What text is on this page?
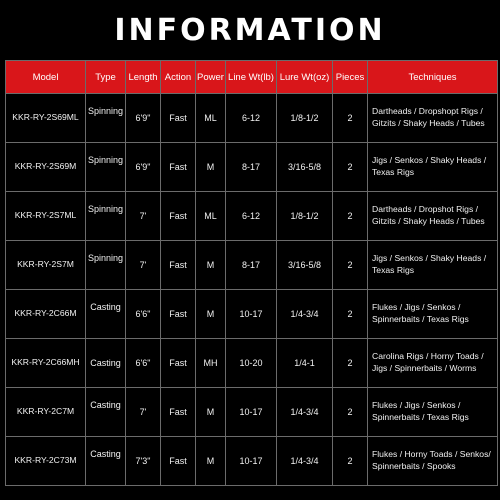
INFORMATION
Model	Type	Length	Action	Power	Line Wt(lb)	Lure Wt(oz)	Pieces	Techniques
KKR-RY-2S69ML	Spinning	6'9"	Fast	ML	6-12	1/8-1/2	2	Dartheads / Dropshopt Rigs /
Gitzits / Shaky Heads / Tubes

KKR-RY-2S69M	Spinning	6'9"	Fast	M	8-17	3/16-5/8	2	Jigs / Senkos / Shaky Heads /
Texas Rigs

KKR-RY-2S7ML	Spinning	7'	Fast	ML	6-12	1/8-1/2	2	Dartheads / Dropshot Rigs /
Gitzits / Shaky Heads / Tubes

KKR-RY-2S7M	Spinning	7'	Fast	M	8-17	3/16-5/8	2	Jigs / Senkos / Shaky Heads /
Texas Rigs

KKR-RY-2C66M	Casting	6'6"	Fast	M	10-17	1/4-3/4	2	Flukes / Jigs / Senkos /
Spinnerbaits / Texas Rigs

KKR-RY-2C66MH	Casting	6'6"	Fast	MH	10-20	1/4-1	2	Carolina Rigs / Horny Toads /
Jigs / Spinnerbaits / Worms

KKR-RY-2C7M	Casting	7'	Fast	M	10-17	1/4-3/4	2	Flukes / Jigs / Senkos /
Spinnerbaits / Texas Rigs

KKR-RY-2C73M	Casting	7'3"	Fast	M	10-17	1/4-3/4	2	Flukes / Horny Toads / Senkos/
Spinnerbaits / Spooks
